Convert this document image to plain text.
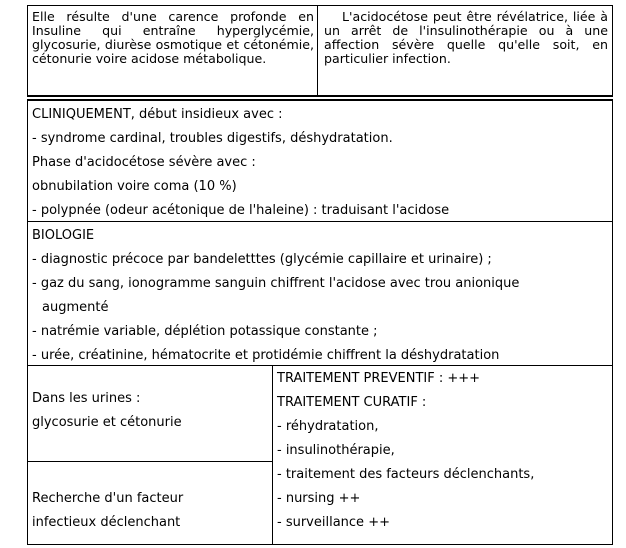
Elle résulte d'une carence profonde en Insuline qui entraîne hyperglycémie, glycosurie, diurèse osmotique et cétonémie, cétonurie voire acidose métabolique.
L'acidocétose peut être révélatrice, liée à un arrêt de l'insulinothérapie ou à une affection sévère quelle qu'elle soit, en particulier infection.
CLINIQUEMENT, début insidieux avec :
- syndrome cardinal, troubles digestifs, déshydratation.
Phase d'acidocétose sévère avec :
obnubilation voire coma (10 %)
- polypnée (odeur acétonique de l'haleine) : traduisant l'acidose
BIOLOGIE
- diagnostic précoce par bandeletttes (glycémie capillaire et urinaire) ;
- gaz du sang, ionogramme sanguin chiffrent l'acidose avec trou anionique
augmenté
- natrémie variable, déplétion potassique constante ;
- urée, créatinine, hématocrite et protidémie chiffrent la déshydratation
Dans les urines :
glycosurie et cétonurie
Recherche d'un facteur
infectieux déclenchant
TRAITEMENT PREVENTIF : +++
TRAITEMENT CURATIF :
- réhydratation,
- insulinothérapie,
- traitement des facteurs déclenchants,
- nursing ++
- surveillance ++
